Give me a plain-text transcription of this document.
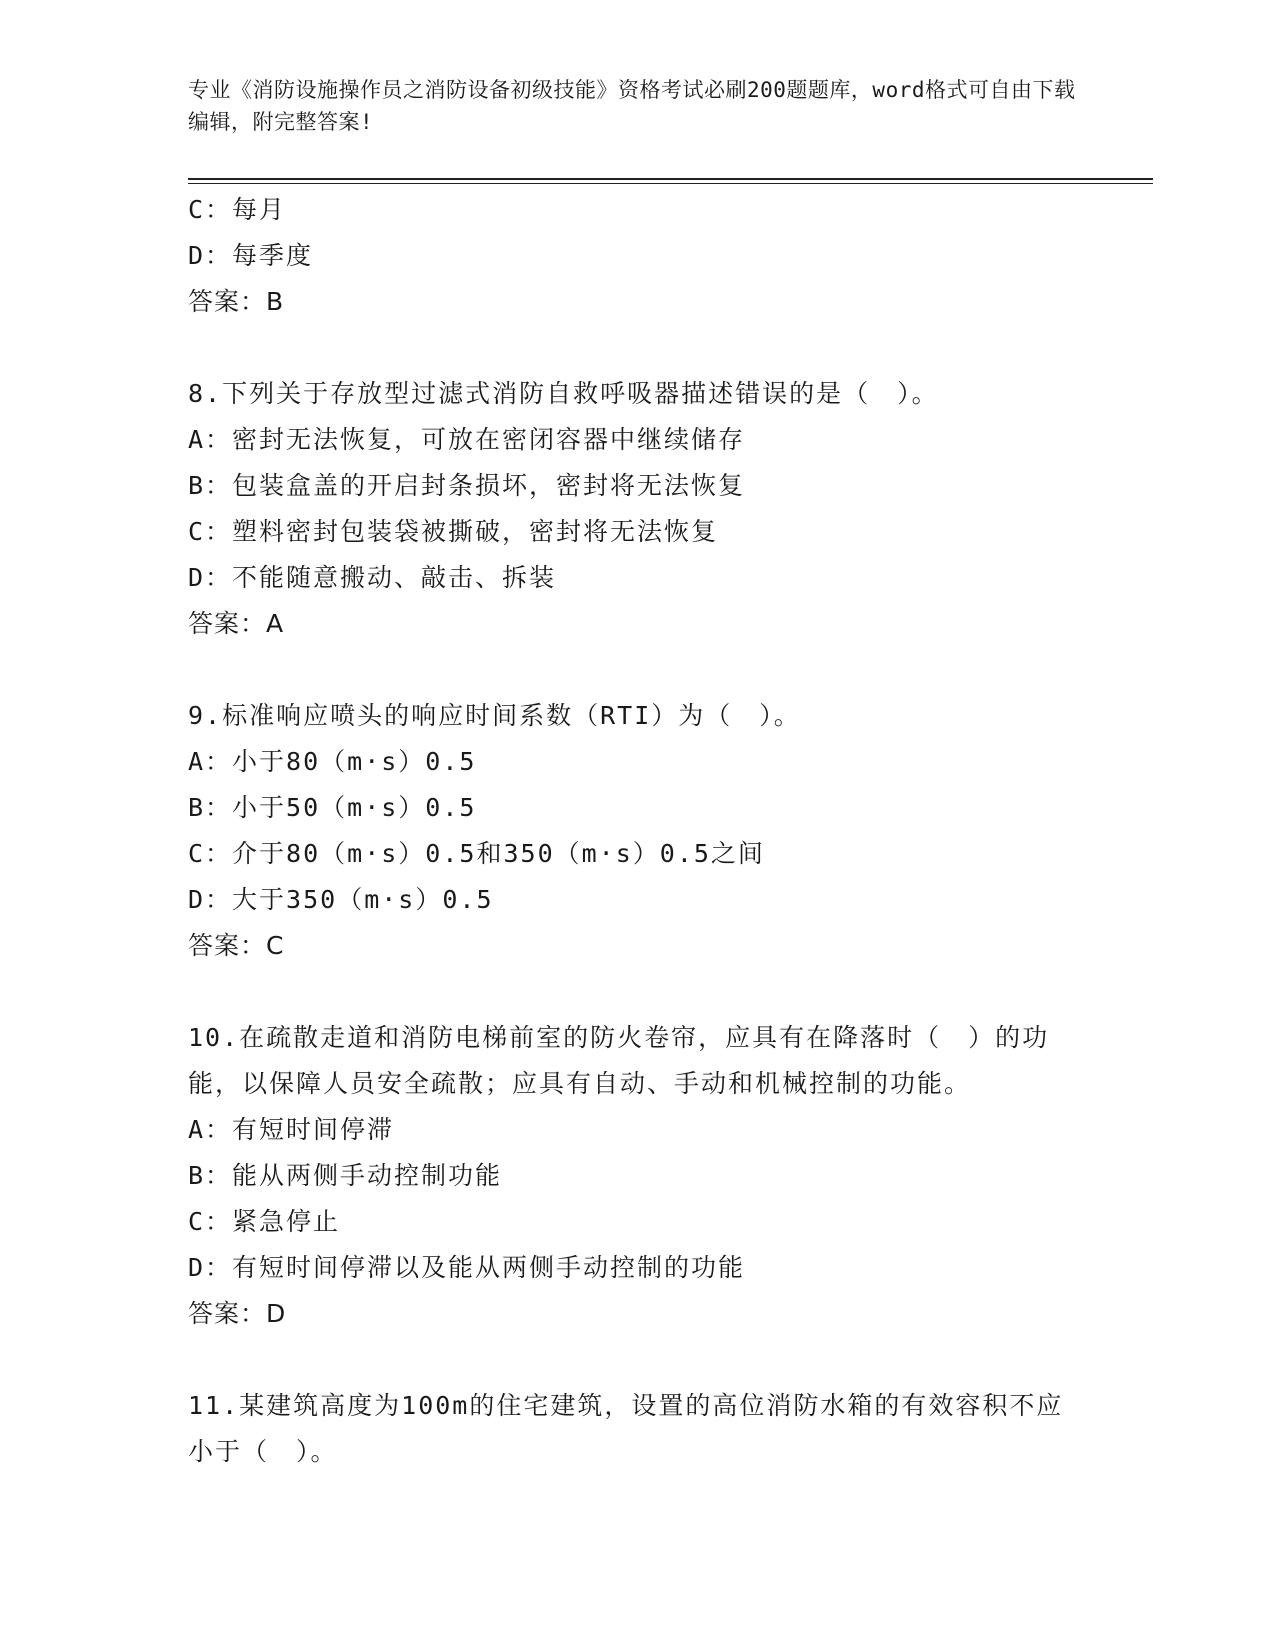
专业《消防设施操作员之消防设备初级技能》资格考试必刷200题题库，word格式可自由下载编辑，附完整答案!
C：每月
D：每季度
答案：B
8.下列关于存放型过滤式消防自救呼吸器描述错误的是（　）。
A：密封无法恢复，可放在密闭容器中继续储存
B：包装盒盖的开启封条损坏，密封将无法恢复
C：塑料密封包装袋被撕破，密封将无法恢复
D：不能随意搬动、敲击、拆装
答案：A
9.标准响应喷头的响应时间系数（RTI）为（　）。
A：小于80（m·s）0.5
B：小于50（m·s）0.5
C：介于80（m·s）0.5和350（m·s）0.5之间
D：大于350（m·s）0.5
答案：C
10.在疏散走道和消防电梯前室的防火卷帘，应具有在降落时（　）的功能，以保障人员安全疏散；应具有自动、手动和机械控制的功能。
A：有短时间停滞
B：能从两侧手动控制功能
C：紧急停止
D：有短时间停滞以及能从两侧手动控制的功能
答案：D
11.某建筑高度为100m的住宅建筑，设置的高位消防水箱的有效容积不应小于（　）。
